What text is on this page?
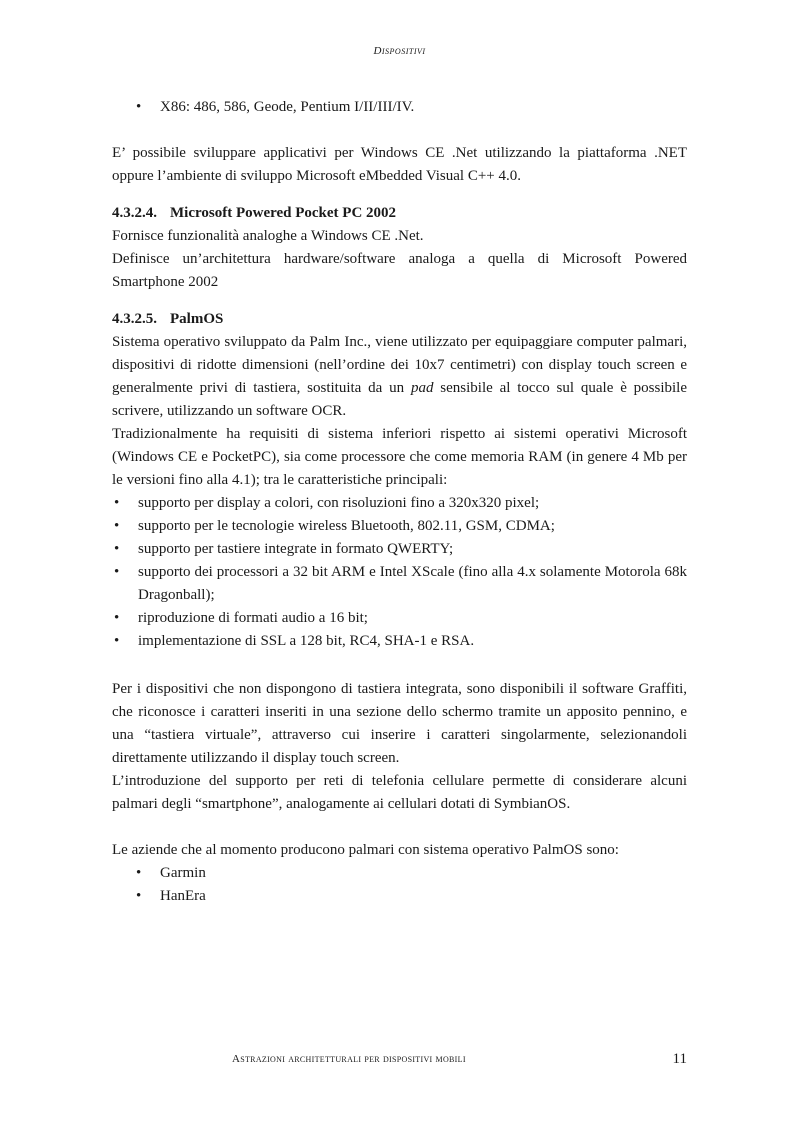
Dispositivi
• X86: 486, 586, Geode, Pentium I/II/III/IV.

E’ possibile sviluppare applicativi per Windows CE .Net utilizzando la piattaforma .NET oppure l’ambiente di sviluppo Microsoft eMbedded Visual C++ 4.0.

4.3.2.4. Microsoft Powered Pocket PC 2002

Fornisce funzionalità analoghe a Windows CE .Net.

Definisce un’architettura hardware/software analoga a quella di Microsoft Powered Smartphone 2002

4.3.2.5. PalmOS

Sistema operativo sviluppato da Palm Inc., viene utilizzato per equipaggiare computer palmari, dispositivi di ridotte dimensioni (nell’ordine dei 10x7 centimetri) con display touch screen e generalmente privi di tastiera, sostituita da un pad sensibile al tocco sul quale è possibile scrivere, utilizzando un software OCR.

Tradizionalmente ha requisiti di sistema inferiori rispetto ai sistemi operativi Microsoft (Windows CE e PocketPC), sia come processore che come memoria RAM (in genere 4 Mb per le versioni fino alla 4.1); tra le caratteristiche principali:

• supporto per display a colori, con risoluzioni fino a 320x320 pixel;
• supporto per le tecnologie wireless Bluetooth, 802.11, GSM, CDMA;
• supporto per tastiere integrate in formato QWERTY;
• supporto dei processori a 32 bit ARM e Intel XScale (fino alla 4.x solamente Motorola 68k Dragonball);
• riproduzione di formati audio a 16 bit;
• implementazione di SSL a 128 bit, RC4, SHA-1 e RSA.

Per i dispositivi che non dispongono di tastiera integrata, sono disponibili il software Graffiti, che riconosce i caratteri inseriti in una sezione dello schermo tramite un apposito pennino, e una “tastiera virtuale”, attraverso cui inserire i caratteri singolarmente, selezionandoli direttamente utilizzando il display touch screen.

L’introduzione del supporto per reti di telefonia cellulare permette di considerare alcuni palmari degli “smartphone”, analogamente ai cellulari dotati di SymbianOS.

Le aziende che al momento producono palmari con sistema operativo PalmOS sono:

• Garmin
• HanEra
Astrazioni architetturali per dispositivi mobili	11
